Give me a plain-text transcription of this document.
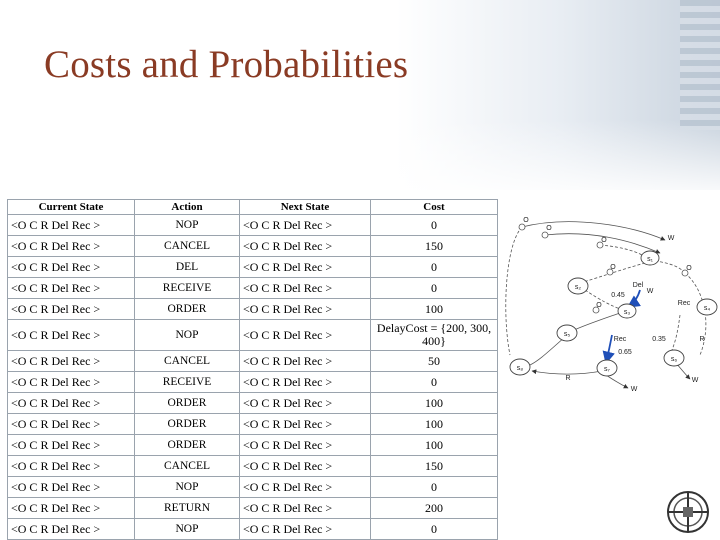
Costs and Probabilities
Current State	Action	Next State	Cost
<O C R Del Rec >	NOP	<O C R Del Rec >	0
<O C R Del Rec >	CANCEL	<O C R Del Rec >	150
<O C R Del Rec >	DEL	<O C R Del Rec >	0
<O C R Del Rec >	RECEIVE	<O C R Del Rec >	0
<O C R Del Rec >	ORDER	<O C R Del Rec >	100
<O C R Del Rec >	NOP	<O C R Del Rec >	DelayCost = {200, 300, 400}
<O C R Del Rec >	CANCEL	<O C R Del Rec >	50
<O C R Del Rec >	RECEIVE	<O C R Del Rec >	0
<O C R Del Rec >	ORDER	<O C R Del Rec >	100
<O C R Del Rec >	ORDER	<O C R Del Rec >	100
<O C R Del Rec >	ORDER	<O C R Del Rec >	100
<O C R Del Rec >	CANCEL	<O C R Del Rec >	150
<O C R Del Rec >	NOP	<O C R Del Rec >	0
<O C R Del Rec >	RETURN	<O C R Del Rec >	200
<O C R Del Rec >	NOP	<O C R Del Rec >	0
s₁
s₂
s₃
s₄
s₅
s₆
s₇
s₈
O
O
O
O	O
O
W
W
W
W
Del
0.45
Rec
Rec	0.35
0.65
R
R
